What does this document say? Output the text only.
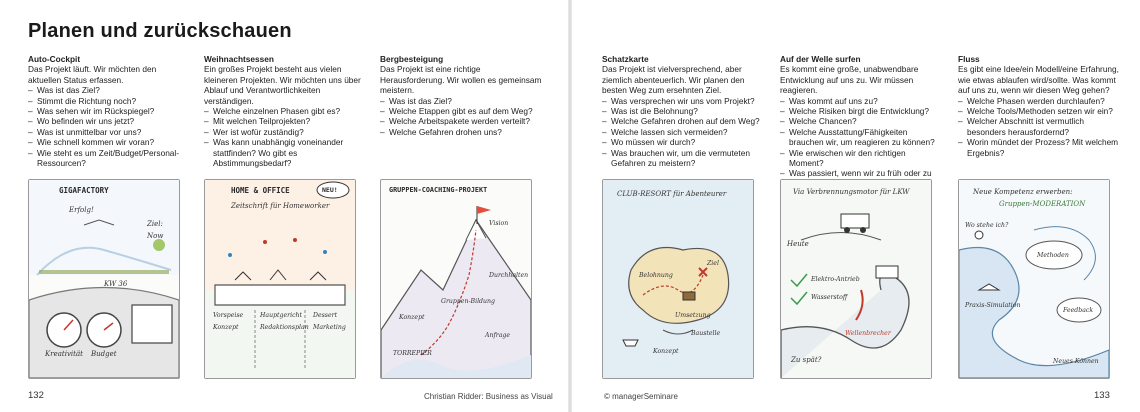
Planen und zurückschauen
Auto-Cockpit

Das Projekt läuft. Wir möchten den aktuellen Status erfassen.

– Was ist das Ziel?
– Stimmt die Richtung noch?
– Was sehen wir im Rückspiegel?
– Wo befinden wir uns jetzt?
– Was ist unmittelbar vor uns?
– Wie schnell kommen wir voran?
– Wie steht es um Zeit/Budget/Personal-Ressourcen?
Weihnachtsessen

Ein großes Projekt besteht aus vielen kleineren Projekten. Wir möchten uns über Ablauf und Verantwortlichkeiten verständigen.

– Welche einzelnen Phasen gibt es?
– Mit welchen Teilprojekten?
– Wer ist wofür zuständig?
– Was kann unabhängig voneinander stattfinden? Wo gibt es Abstimmungsbedarf?
Bergbesteigung

Das Projekt ist eine richtige Herausforderung. Wir wollen es gemeinsam meistern.

– Was ist das Ziel?
– Welche Etappen gibt es auf dem Weg?
– Welche Arbeitspakete werden verteilt?
– Welche Gefahren drohen uns?
Schatzkarte

Das Projekt ist vielversprechend, aber ziemlich abenteuerlich. Wir planen den besten Weg zum ersehnten Ziel.

– Was versprechen wir uns vom Projekt?
– Was ist die Belohnung?
– Welche Gefahren drohen auf dem Weg?
– Welche lassen sich vermeiden?
– Wo müssen wir durch?
– Was brauchen wir, um die vermuteten Gefahren zu meistern?
Auf der Welle surfen

Es kommt eine große, unabwendbare Entwicklung auf uns zu. Wir müssen reagieren.

– Was kommt auf uns zu?
– Welche Risiken birgt die Entwicklung?
– Welche Chancen?
– Welche Ausstattung/Fähigkeiten brauchen wir, um reagieren zu können?
– Wie erwischen wir den richtigen Moment?
– Was passiert, wenn wir zu früh oder zu
Fluss

Es gibt eine Idee/ein Modell/eine Erfahrung, wie etwas ablaufen wird/sollte. Was kommt auf uns zu, wenn wir diesen Weg gehen?

– Welche Phasen werden durchlaufen?
– Welche Tools/Methoden setzen wir ein?
– Welcher Abschnitt ist vermutlich besonders herausfordernd?
– Worin mündet der Prozess? Mit welchem Ergebnis?
GIGAFACTORY
Erfolg!
Ziel:
Now
KW 36
Kreativität Budget
HOME & OFFICE	NEU!
Zeitschrift für Homeworker
Vorspeise	Hauptgericht Dessert
Konzept	Redaktionsplan Marketing
GRUPPEN-COACHING-PROJEKT
Vision
Durchhalten
Gruppen-Bildung
Konzept
Anfrage
TORREPIER
CLUB-RESORT für Abenteurer
Ziel
Belohnung
Umsetzung
Konzept
Baustelle
Via Verbrennungsmotor für LKW
Heute
Elektro-Antrieb
Wasserstoff
Wellenbrecher
Zu spät?
Neue Kompetenz erwerben:
Gruppen-MODERATION
Wo stehe ich?
Methoden
Praxis-Simulation
Feedback
Neues Können
132	Christian Ridder: Business as Visual	© managerSeminare	133
